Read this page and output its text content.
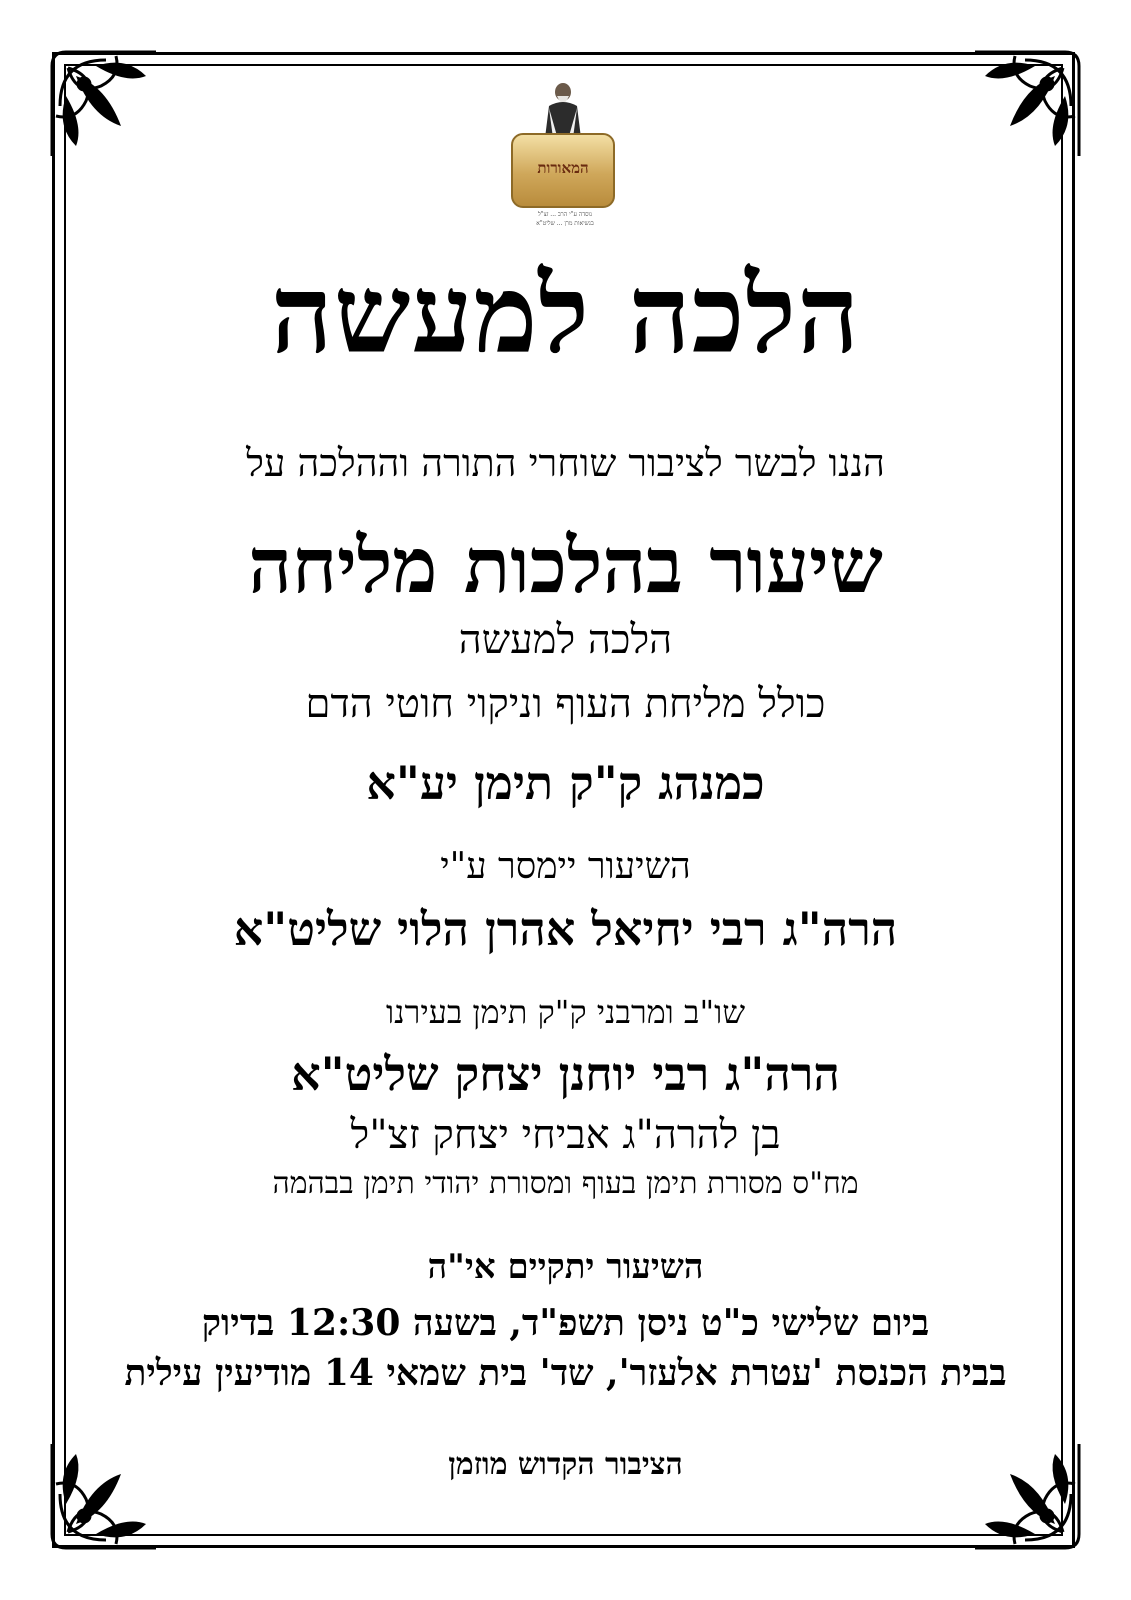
המאורות
נוסדה ע"י הרב ... זצ"ל
בנשיאות מרן ... שליט"א
הלכה למעשה
הננו לבשר לציבור שוחרי התורה וההלכה על
שיעור בהלכות מליחה
הלכה למעשה
כולל מליחת העוף וניקוי חוטי הדם
כמנהג ק"ק תימן יע"א
השיעור יימסר ע"י
הרה"ג רבי יחיאל אהרן הלוי שליט"א
שו"ב ומרבני ק"ק תימן בעירנו
הרה"ג רבי יוחנן יצחק שליט"א
בן להרה"ג אביחי יצחק זצ"ל
מח"ס מסורת תימן בעוף ומסורת יהודי תימן בבהמה
השיעור יתקיים אי"ה
ביום שלישי כ"ט ניסן תשפ"ד, בשעה 12:30 בדיוק
בבית הכנסת 'עטרת אלעזר', שד' בית שמאי 14 מודיעין עילית
הציבור הקדוש מוזמן
